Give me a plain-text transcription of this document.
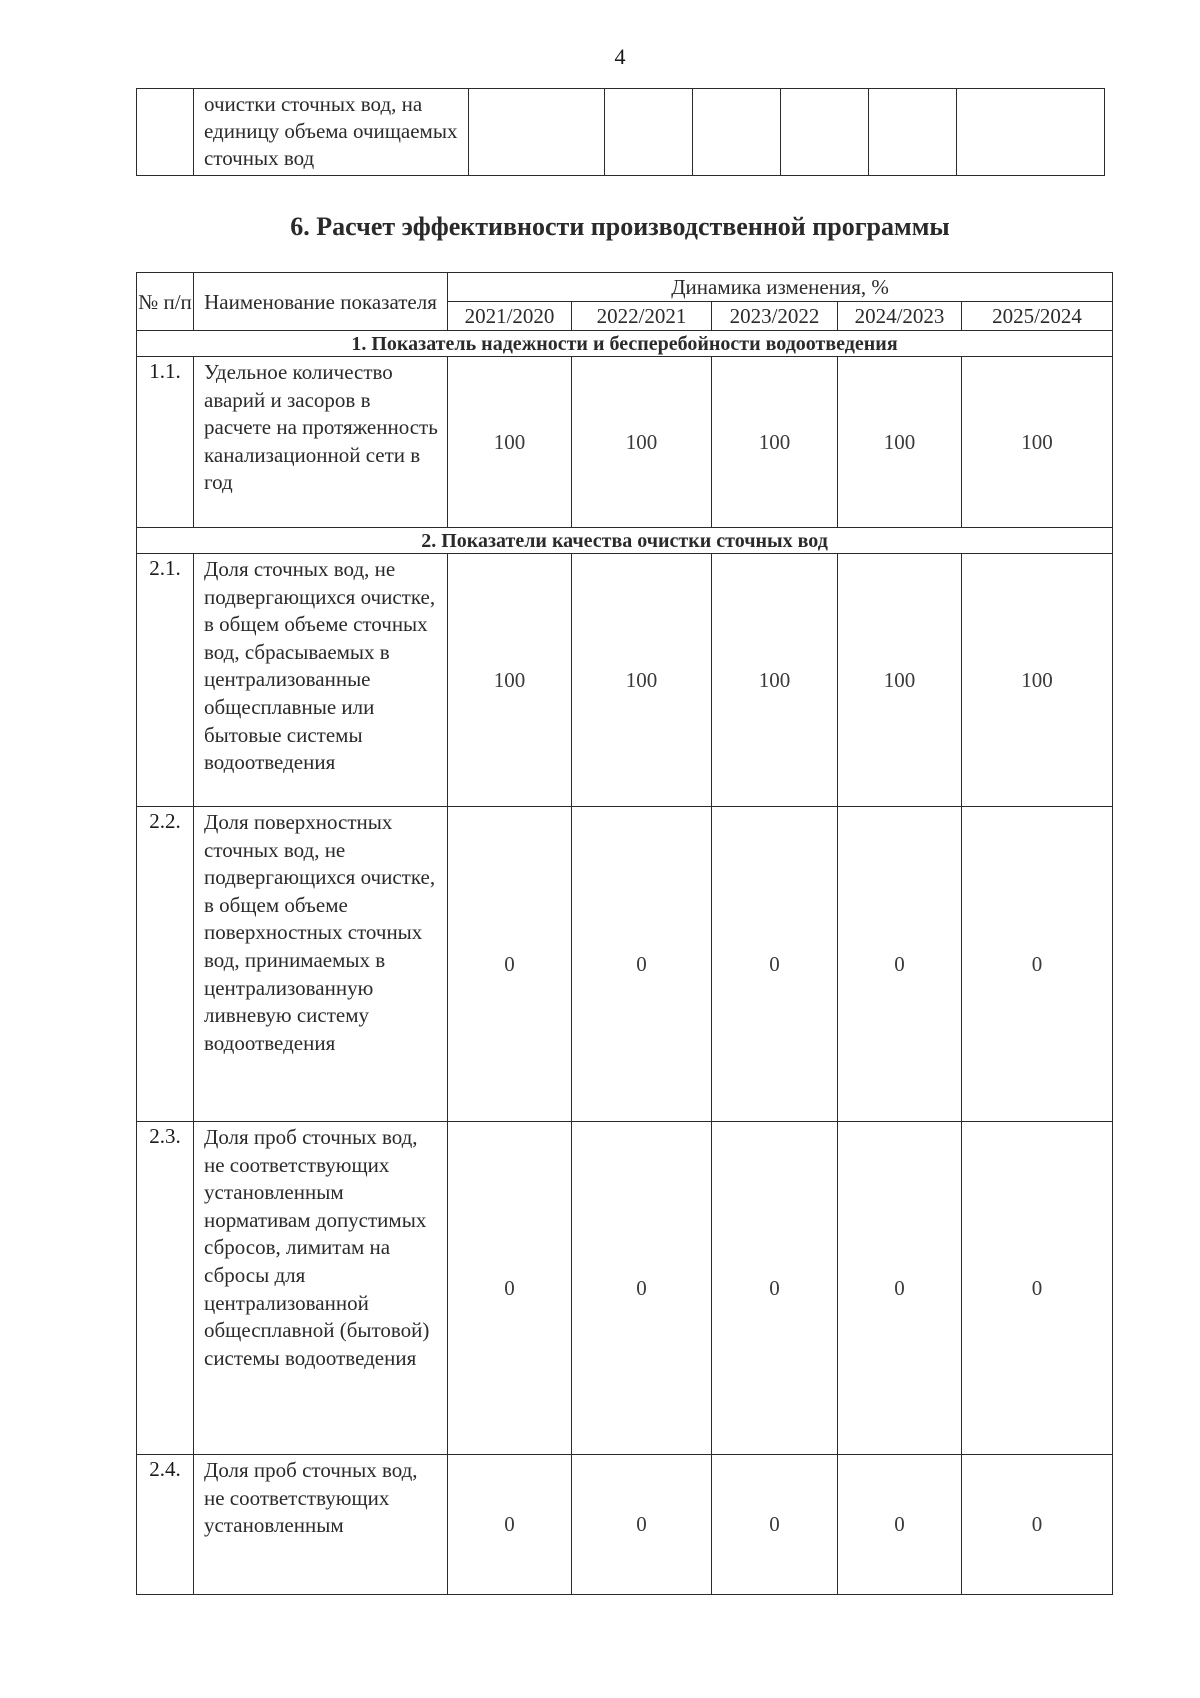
4
	очистки сточных вод, на единицу объема очищаемых сточных вод						
6. Расчет эффективности производственной программы
№ п/п	Наименование показателя	Динамика изменения, %				
		2021/2020	2022/2021	2023/2022	2024/2023	2025/2024
1. Показатель надежности и бесперебойности водоотведения						
1.1.	Удельное количество аварий и засоров в расчете на протяженность канализационной сети в год	100	100	100	100	100
2. Показатели качества очистки сточных вод						
2.1.	Доля сточных вод, не подвергающихся очистке, в общем объеме сточных вод, сбрасываемых в централизованные общесплавные или бытовые системы водоотведения	100	100	100	100	100
2.2.	Доля поверхностных сточных вод, не подвергающихся очистке, в общем объеме поверхностных сточных вод, принимаемых в централизованную ливневую систему водоотведения	0	0	0	0	0
2.3.	Доля проб сточных вод, не соответствующих установленным нормативам допустимых сбросов, лимитам на сбросы для централизованной общесплавной (бытовой) системы водоотведения	0	0	0	0	0
2.4.	Доля проб сточных вод, не соответствующих установленным	0	0	0	0	0
